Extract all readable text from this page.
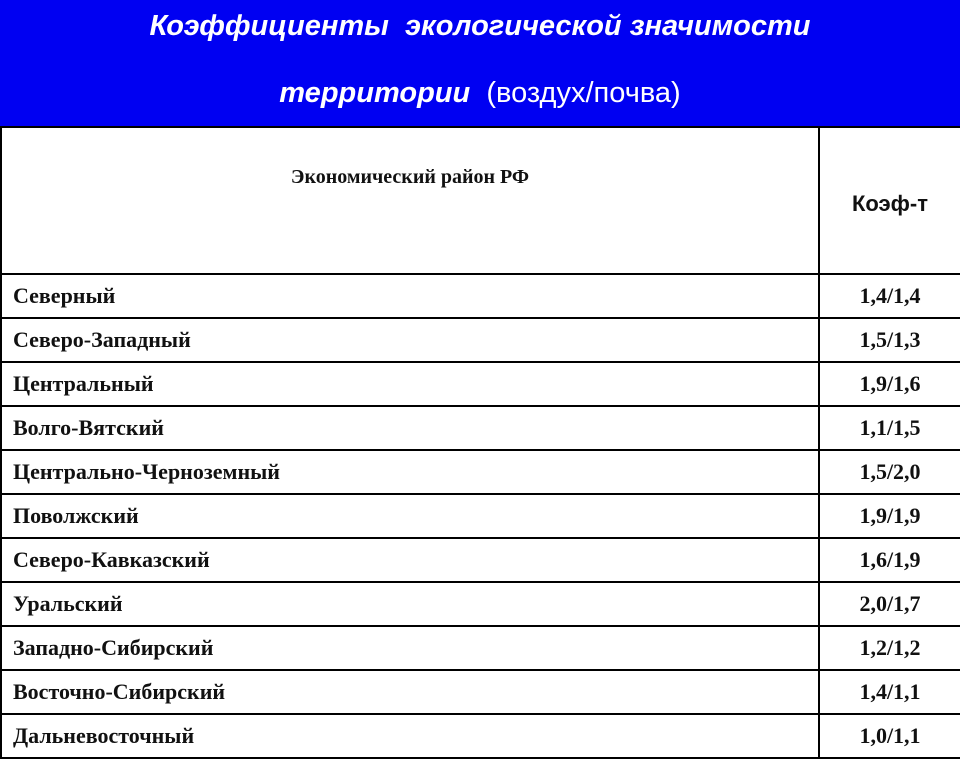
Коэффициенты  экологической значимости
территории (воздух/почва)
Экономический район РФ	Коэф-т
Северный	1,4/1,4
Северо-Западный	1,5/1,3
Центральный	1,9/1,6
Волго-Вятский	1,1/1,5
Центрально-Черноземный	1,5/2,0
Поволжский	1,9/1,9
Северо-Кавказский	1,6/1,9
Уральский	2,0/1,7
Западно-Сибирский	1,2/1,2
Восточно-Сибирский	1,4/1,1
Дальневосточный	1,0/1,1
